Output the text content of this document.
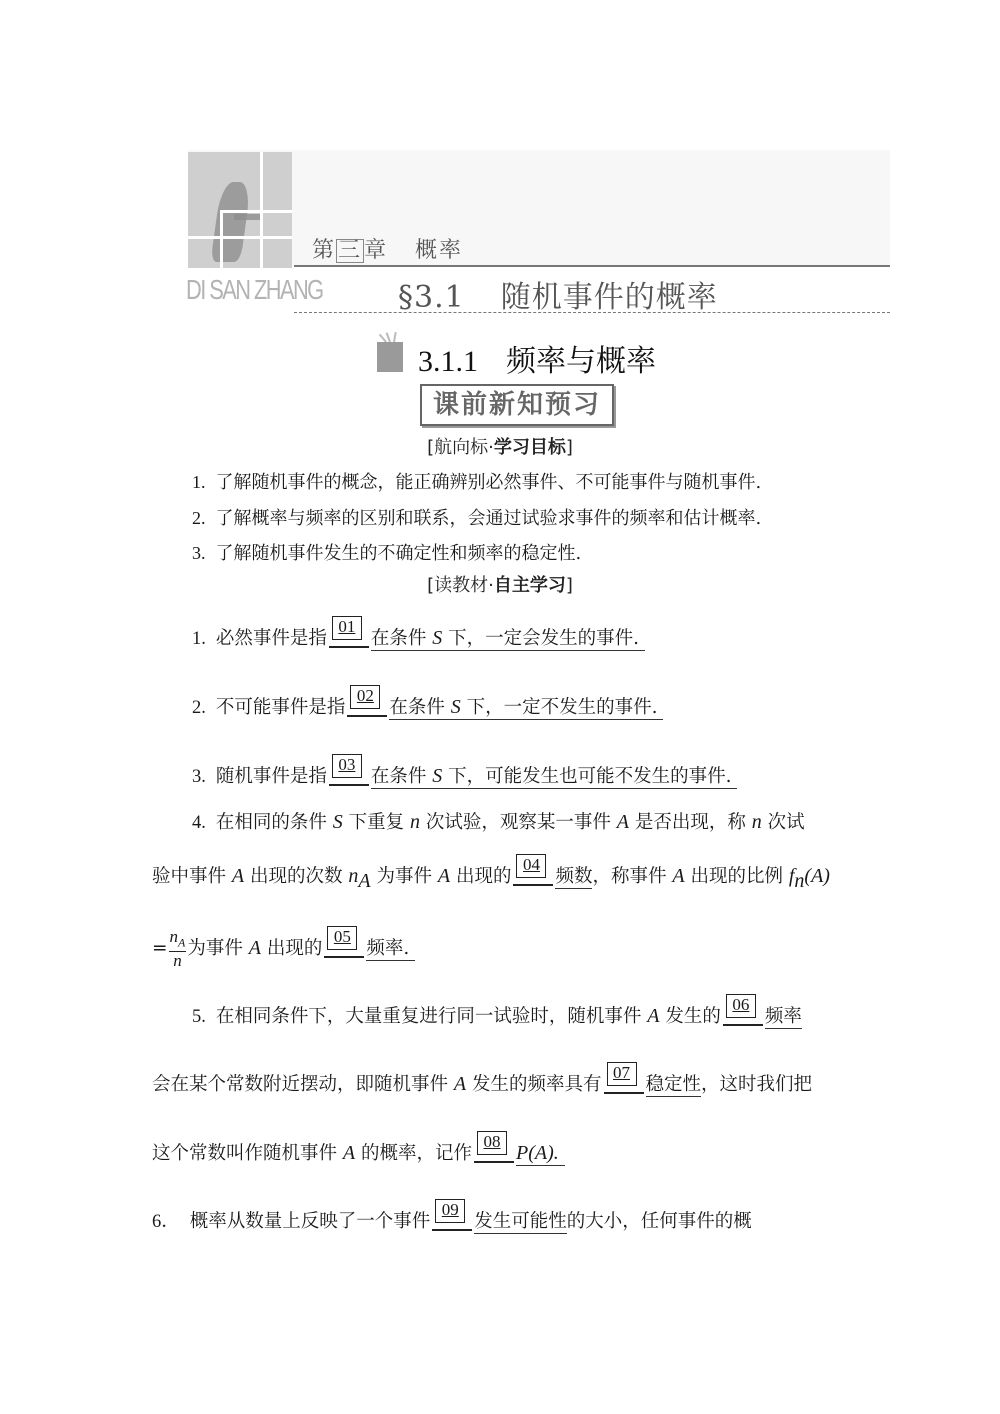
第三章 概率
DI SAN ZHANG	§3.1 随机事件的概率
3.1.1 频率与概率
课前新知预习
[航向标·学习目标]
1. 了解随机事件的概念，能正确辨别必然事件、不可能事件与随机事件.
2. 了解概率与频率的区别和联系，会通过试验求事件的频率和估计概率.
3. 了解随机事件发生的不确定性和频率的稳定性.
[读教材·自主学习]
1. 必然事件是指
01
在条件 S 下，一定会发生的事件.
2. 不可能事件是指
02
在条件 S 下，一定不发生的事件.
3. 随机事件是指
03
在条件 S 下，可能发生也可能不发生的事件.
4. 在相同的条件 S 下重复 n 次试验，观察某一事件 A 是否出现，称 n 次试
验中事件 A 出现的次数 $n_A$ 为事件 A 出现的
04
频数，称事件 A 出现的比例 $f_n(A)$
= $\frac{n_A}{n}$ 为事件 A 出现的
05
频率.
5. 在相同条件下，大量重复进行同一试验时，随机事件 A 发生的
06
频率
会在某个常数附近摆动，即随机事件 A 发生的频率具有
07
稳定性，这时我们把
这个常数叫作随机事件 A 的概率，记作
08
P(A).
6． 概率从数量上反映了一个事件
09
发生可能性的大小，任何事件的概
